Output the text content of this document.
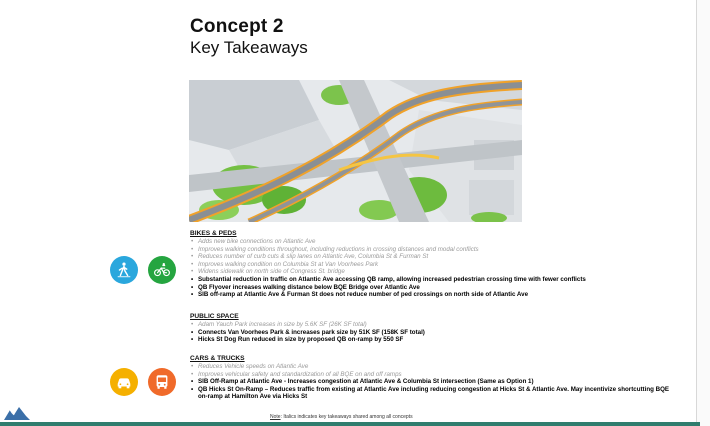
Concept 2
Key Takeaways
BIKES & PEDS
• Adds new bike connections on Atlantic Ave
• Improves walking conditions throughout, including reductions in crossing distances and modal conflicts
• Reduces number of curb cuts & slip lanes on Atlantic Ave, Columbia St & Furman St
• Improves walking condition on Columbia St at Van Voorhees Park
• Widens sidewalk on north side of Congress St. bridge
• Substantial reduction in traffic on Atlantic Ave accessing QB ramp, allowing increased pedestrian crossing time with fewer conflicts
• QB Flyover increases walking distance below BQE Bridge over Atlantic Ave
• SIB off-ramp at Atlantic Ave & Furman St does not reduce number of ped crossings on north side of Atlantic Ave
PUBLIC SPACE
• Adam Yauch Park increases in size by 5.6K SF (26K SF total)
• Connects Van Voorhees Park & increases park size by 51K SF (158K SF total)
• Hicks St Dog Run reduced in size by proposed QB on-ramp by 550 SF
CARS & TRUCKS
• Reduces Vehicle speeds on Atlantic Ave
• Improves vehicular safety and standardization of all BQE on and off ramps
• SIB Off-Ramp at Atlantic Ave - Increases congestion at Atlantic Ave & Columbia St intersection (Same as Option 1)
• QB Hicks St On-Ramp – Reduces traffic from existing at Atlantic Ave including reducing congestion at Hicks St & Atlantic Ave. May incentivize shortcutting BQE on-ramp at Hamilton Ave via Hicks St
Note: Italics indicates key takeaways shared among all concepts
